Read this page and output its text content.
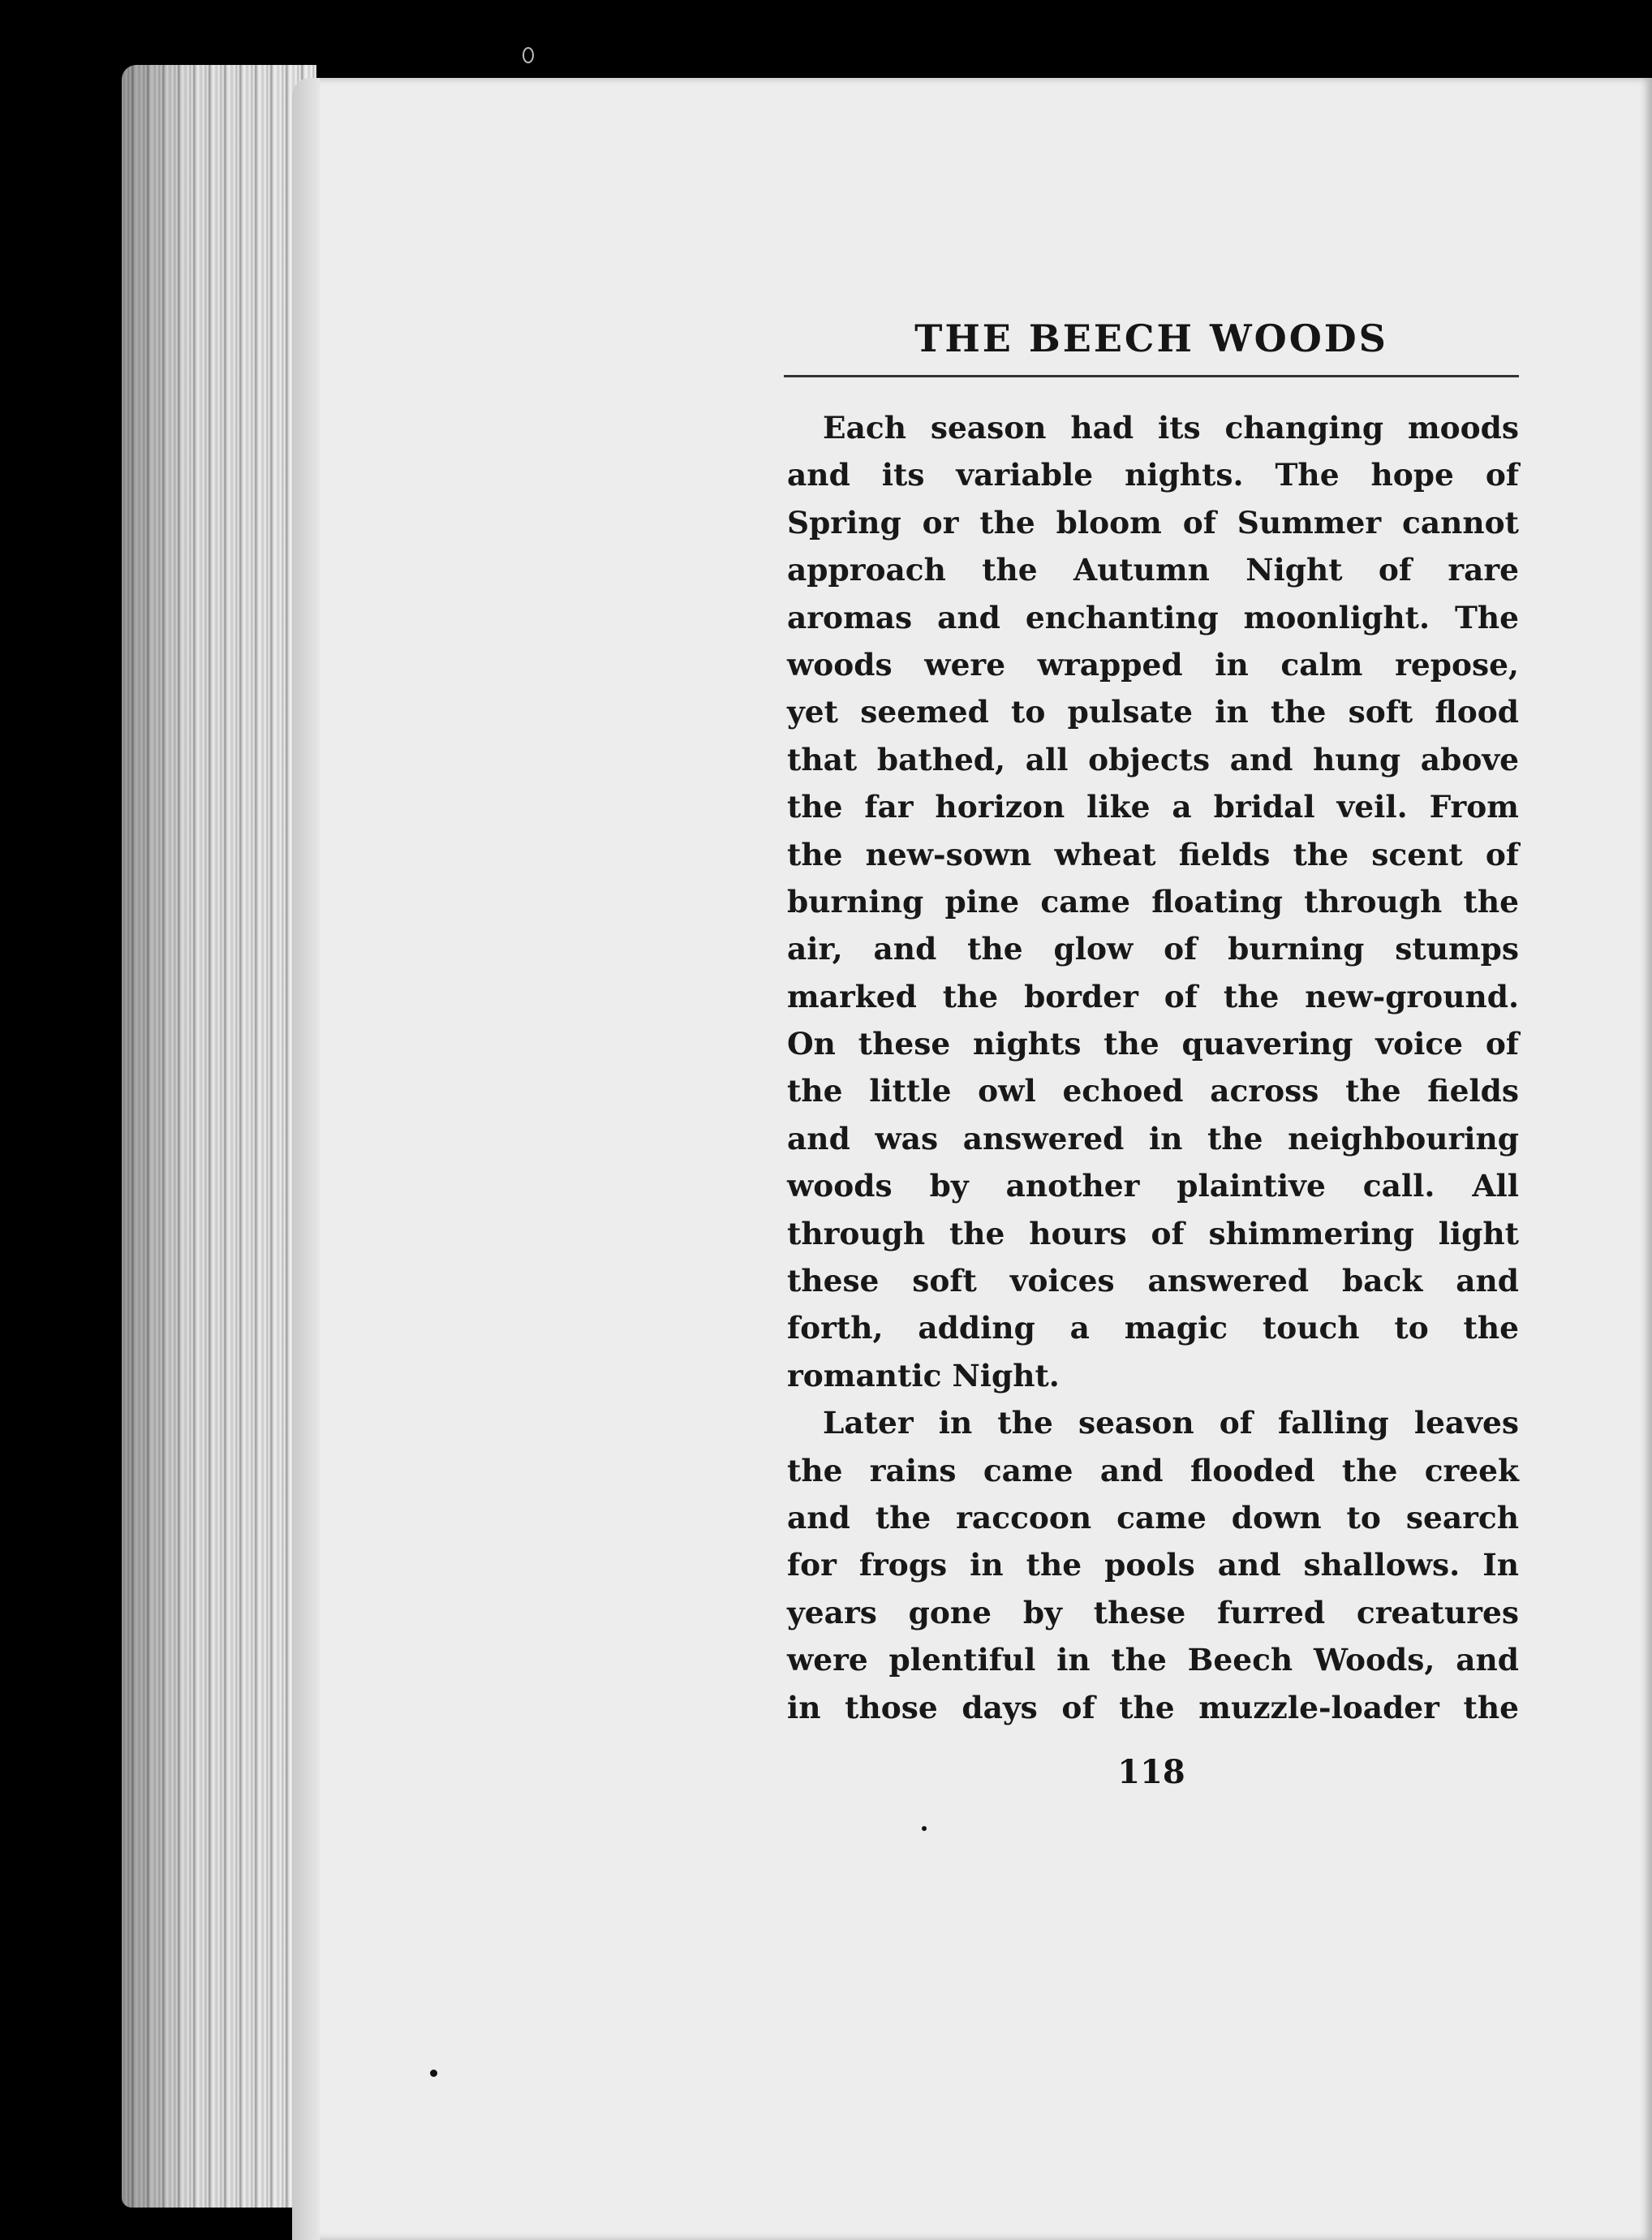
THE BEECH WOODS
Each season had its changing moods
and its variable nights. The hope of
Spring or the bloom of Summer cannot
approach the Autumn Night of rare
aromas and enchanting moonlight. The
woods were wrapped in calm repose,
yet seemed to pulsate in the soft flood
that bathed, all objects and hung above
the far horizon like a bridal veil. From
the new-sown wheat fields the scent of
burning pine came floating through the
air, and the glow of burning stumps
marked the border of the new-ground.
On these nights the quavering voice of
the little owl echoed across the fields
and was answered in the neighbouring
woods by another plaintive call. All
through the hours of shimmering light
these soft voices answered back and
forth, adding a magic touch to the
romantic Night.
Later in the season of falling leaves
the rains came and flooded the creek
and the raccoon came down to search
for frogs in the pools and shallows. In
years gone by these furred creatures
were plentiful in the Beech Woods, and
in those days of the muzzle-loader the
118
